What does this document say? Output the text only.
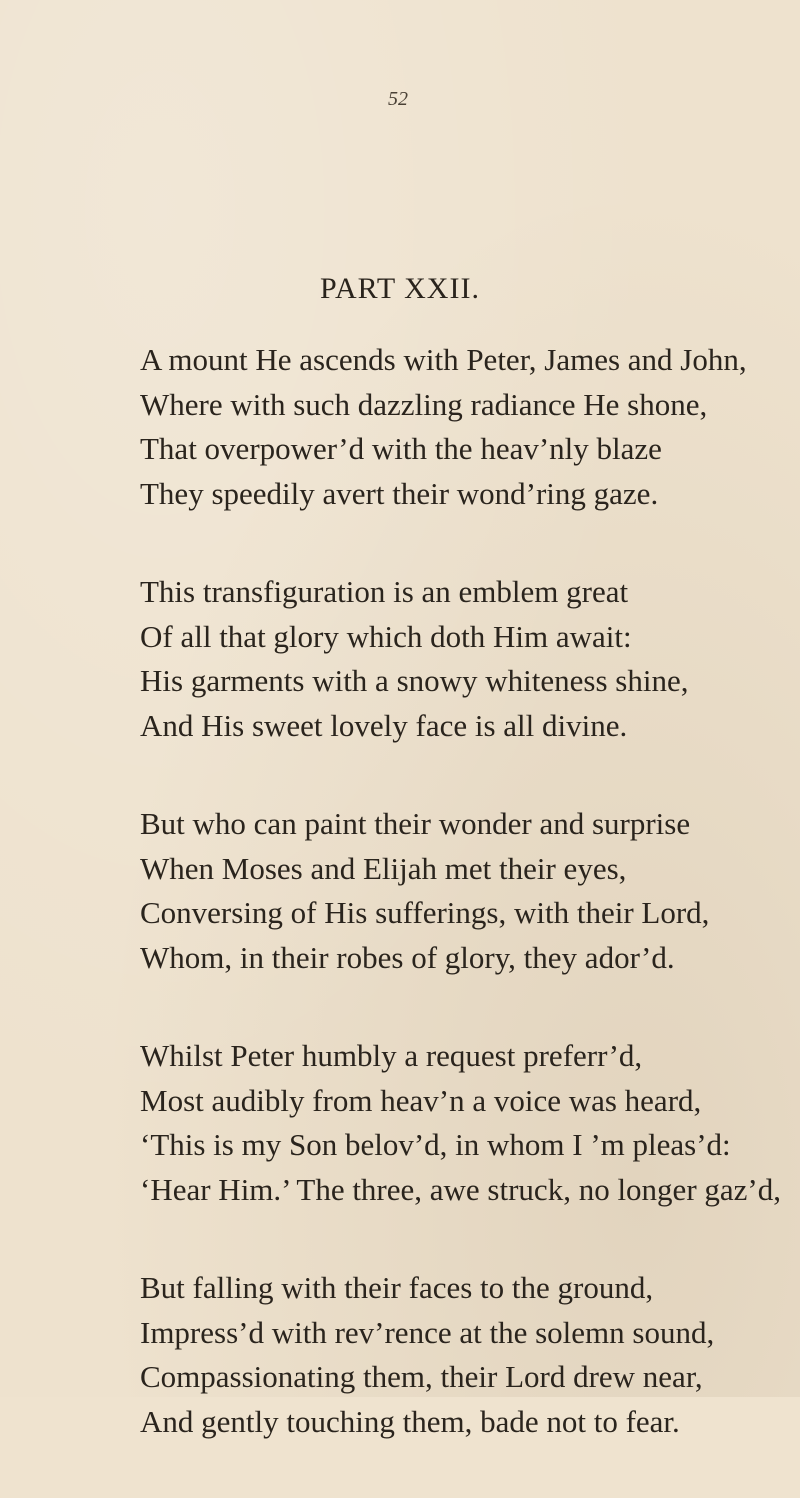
52
PART XXII.
A mount He ascends with Peter, James and John,
Where with such dazzling radiance He shone,
That overpower’d with the heav’nly blaze
They speedily avert their wond’ring gaze.
This transfiguration is an emblem great
Of all that glory which doth Him await:
His garments with a snowy whiteness shine,
And His sweet lovely face is all divine.
But who can paint their wonder and surprise
When Moses and Elijah met their eyes,
Conversing of His sufferings, with their Lord,
Whom, in their robes of glory, they ador’d.
Whilst Peter humbly a request preferr’d,
Most audibly from heav’n a voice was heard,
‘This is my Son belov’d, in whom I ’m pleas’d:
‘Hear Him.’ The three, awe struck, no longer gaz’d,
But falling with their faces to the ground,
Impress’d with rev’rence at the solemn sound,
Compassionating them, their Lord drew near,
And gently touching them, bade not to fear.
